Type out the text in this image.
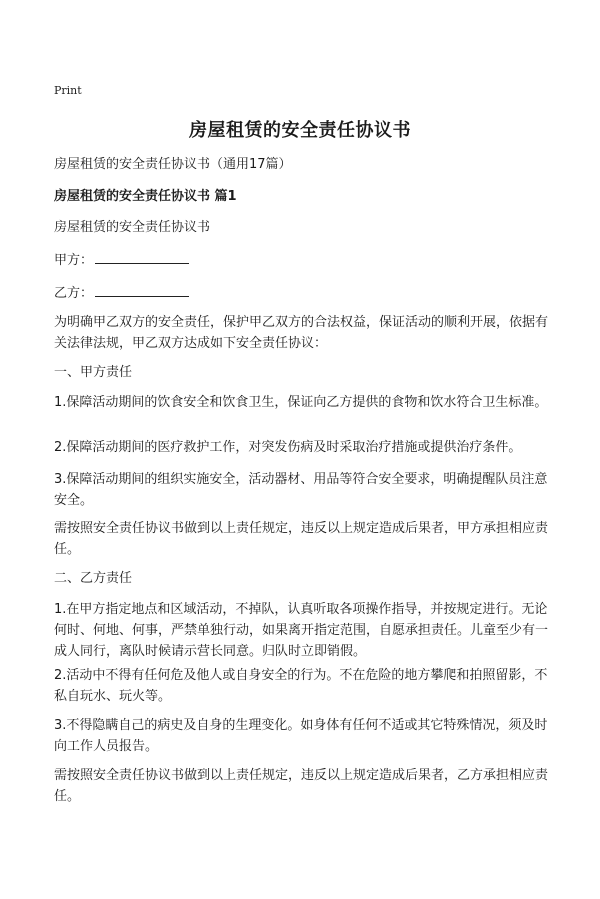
Print
房屋租赁的安全责任协议书
房屋租赁的安全责任协议书（通用17篇）
房屋租赁的安全责任协议书 篇1
房屋租赁的安全责任协议书
甲方：
乙方：
为明确甲乙双方的安全责任，保护甲乙双方的合法权益，保证活动的顺利开展，依据有关法律法规，甲乙双方达成如下安全责任协议：
一、甲方责任
1.保障活动期间的饮食安全和饮食卫生，保证向乙方提供的食物和饮水符合卫生标准。
2.保障活动期间的医疗救护工作，对突发伤病及时采取治疗措施或提供治疗条件。
3.保障活动期间的组织实施安全，活动器材、用品等符合安全要求，明确提醒队员注意安全。
需按照安全责任协议书做到以上责任规定，违反以上规定造成后果者，甲方承担相应责任。
二、乙方责任
1.在甲方指定地点和区域活动，不掉队，认真听取各项操作指导，并按规定进行。无论何时、何地、何事，严禁单独行动，如果离开指定范围，自愿承担责任。儿童至少有一成人同行，离队时候请示营长同意。归队时立即销假。
2.活动中不得有任何危及他人或自身安全的行为。不在危险的地方攀爬和拍照留影，不私自玩水、玩火等。
3.不得隐瞒自己的病史及自身的生理变化。如身体有任何不适或其它特殊情况，须及时向工作人员报告。
需按照安全责任协议书做到以上责任规定，违反以上规定造成后果者，乙方承担相应责任。
